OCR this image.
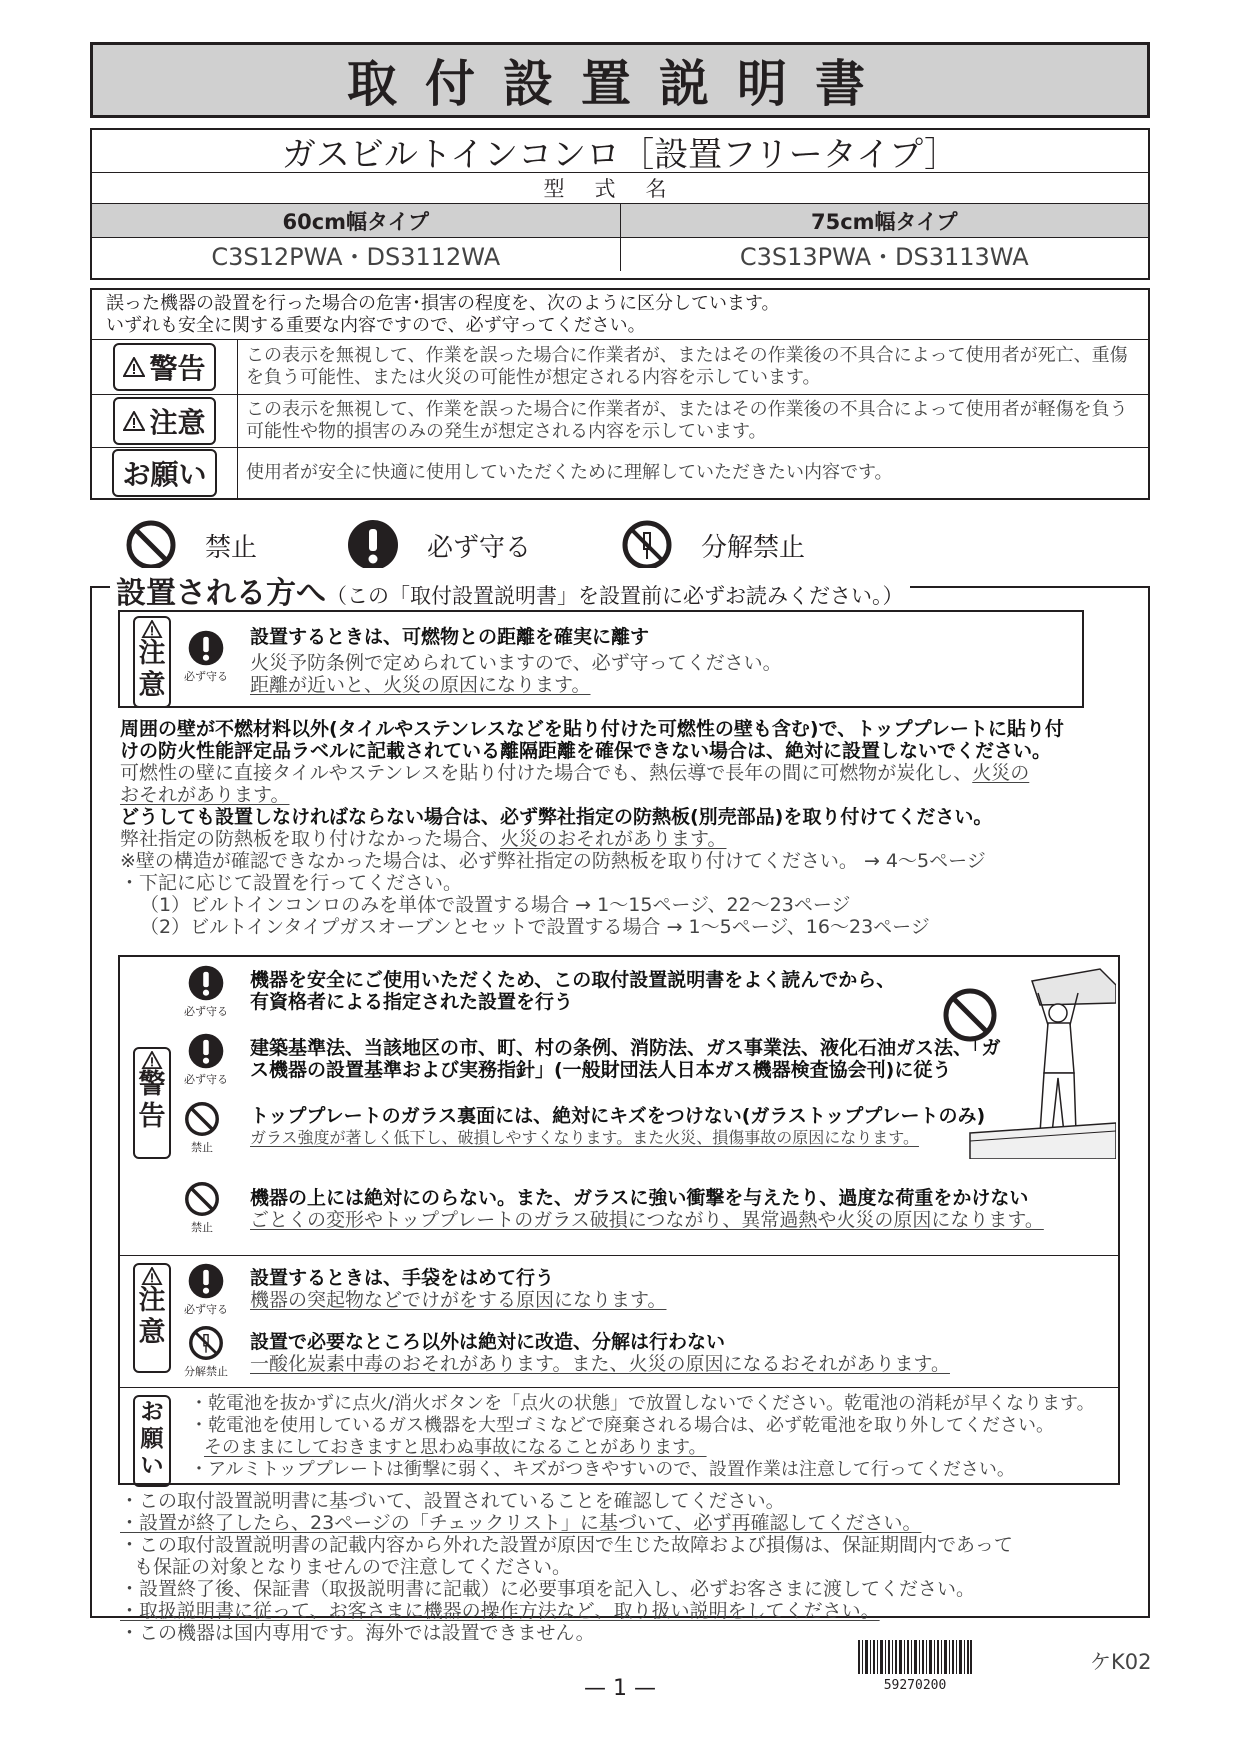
取付設置説明書
ガスビルトインコンロ［設置フリータイプ］
型式名
60cm幅タイプ	75cm幅タイプ
C3S12PWA・DS3112WA	C3S13PWA・DS3113WA
誤った機器の設置を行った場合の危害･損害の程度を、次のように区分しています。
いずれも安全に関する重要な内容ですので、必ず守ってください。
警告	この表示を無視して、作業を誤った場合に作業者が、またはその作業後の不具合によって使用者が死亡、重傷を負う可能性、または火災の可能性が想定される内容を示しています。
注意	この表示を無視して、作業を誤った場合に作業者が、またはその作業後の不具合によって使用者が軽傷を負う可能性や物的損害のみの発生が想定される内容を示しています。
お願い	使用者が安全に快適に使用していただくために理解していただきたい内容です。
禁止	必ず守る	分解禁止
設置される方へ（この「取付設置説明書」を設置前に必ずお読みください。）
注
意 必ず守る
設置するときは、可燃物との距離を確実に離す
火災予防条例で定められていますので、必ず守ってください。
距離が近いと、火災の原因になります。
周囲の壁が不燃材料以外(タイルやステンレスなどを貼り付けた可燃性の壁も含む)で、トッププレートに貼り付
けの防火性能評定品ラベルに記載されている離隔距離を確保できない場合は、絶対に設置しないでください。
可燃性の壁に直接タイルやステンレスを貼り付けた場合でも、熱伝導で長年の間に可燃物が炭化し、火災の
おそれがあります。
どうしても設置しなければならない場合は、必ず弊社指定の防熱板(別売部品)を取り付けてください。
弊社指定の防熱板を取り付けなかった場合、火災のおそれがあります。
※壁の構造が確認できなかった場合は、必ず弊社指定の防熱板を取り付けてください。 → 4〜5ページ
・下記に応じて設置を行ってください。
（1）ビルトインコンロのみを単体で設置する場合 → 1〜15ページ、22〜23ページ
（2）ビルトインタイプガスオーブンとセットで設置する場合 → 1〜5ページ、16〜23ページ
警
告
必ず守る
機器を安全にご使用いただくため、この取付設置説明書をよく読んでから、
有資格者による指定された設置を行う
必ず守る
建築基準法、当該地区の市、町、村の条例、消防法、ガス事業法、液化石油ガス法、「ガ
ス機器の設置基準および実務指針」(一般財団法人日本ガス機器検査協会刊)に従う
禁止
トッププレートのガラス裏面には、絶対にキズをつけない(ガラストッププレートのみ)
ガラス強度が著しく低下し、破損しやすくなります。また火災、損傷事故の原因になります。
禁止
機器の上には絶対にのらない。また、ガラスに強い衝撃を与えたり、過度な荷重をかけない
ごとくの変形やトッププレートのガラス破損につながり、異常過熱や火災の原因になります。
注
意
必ず守る
設置するときは、手袋をはめて行う
機器の突起物などでけがをする原因になります。
分解禁止
設置で必要なところ以外は絶対に改造、分解は行わない
一酸化炭素中毒のおそれがあります。また、火災の原因になるおそれがあります。
お
願
い
・乾電池を抜かずに点火/消火ボタンを「点火の状態」で放置しないでください。乾電池の消耗が早くなります。
・乾電池を使用しているガス機器を大型ゴミなどで廃棄される場合は、必ず乾電池を取り外してください。
そのままにしておきますと思わぬ事故になることがあります。
・アルミトッププレートは衝撃に弱く、キズがつきやすいので、設置作業は注意して行ってください。
・この取付設置説明書に基づいて、設置されていることを確認してください。
・設置が終了したら、23ページの「チェックリスト」に基づいて、必ず再確認してください。
・この取付設置説明書の記載内容から外れた設置が原因で生じた故障および損傷は、保証期間内であって
も保証の対象となりませんので注意してください。
・設置終了後、保証書（取扱説明書に記載）に必要事項を記入し、必ずお客さまに渡してください。
・取扱説明書に従って、お客さまに機器の操作方法など、取り扱い説明をしてください。
・この機器は国内専用です。海外では設置できません。
— 1 —	59270200
ケK02
